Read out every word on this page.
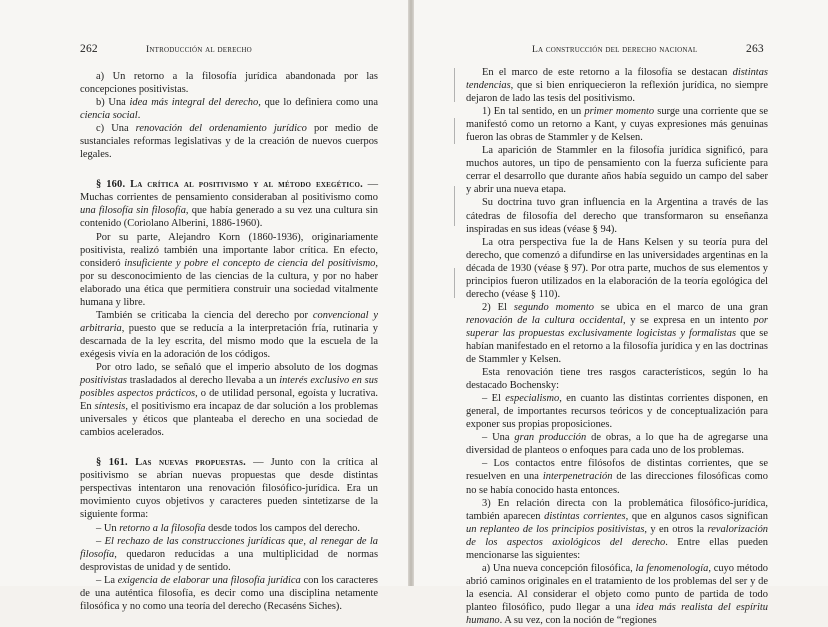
262	Introducción al derecho

a) Un retorno a la filosofía jurídica abandonada por las concepciones positivistas.

b) Una idea más integral del derecho, que lo definiera como una ciencia social.

c) Una renovación del ordenamiento jurídico por medio de sustanciales reformas legislativas y de la creación de nuevos cuerpos legales.

§ 160. La crítica al positivismo y al método exegético. — Muchas corrientes de pensamiento consideraban al positivismo como una filosofía sin filosofía, que había generado a su vez una cultura sin contenido (Coriolano Alberini, 1886-1960).

Por su parte, Alejandro Korn (1860-1936), originariamente positivista, realizó también una importante labor crítica. En efecto, consideró insuficiente y pobre el concepto de ciencia del positivismo, por su desconocimiento de las ciencias de la cultura, y por no haber elaborado una ética que permitiera construir una sociedad vitalmente humana y libre.

También se criticaba la ciencia del derecho por convencional y arbitraria, puesto que se reducía a la interpretación fría, rutinaria y descarnada de la ley escrita, del mismo modo que la escuela de la exégesis vivía en la adoración de los códigos.

Por otro lado, se señaló que el imperio absoluto de los dogmas positivistas trasladados al derecho llevaba a un interés exclusivo en sus posibles aspectos prácticos, o de utilidad personal, egoísta y lucrativa. En síntesis, el positivismo era incapaz de dar solución a los problemas universales y éticos que planteaba el derecho en una sociedad de cambios acelerados.

§ 161. Las nuevas propuestas. — Junto con la crítica al positivismo se abrían nuevas propuestas que desde distintas perspectivas intentaron una renovación filosófico-jurídica. Era un movimiento cuyos objetivos y caracteres pueden sintetizarse de la siguiente forma:

– Un retorno a la filosofía desde todos los campos del derecho.

– El rechazo de las construcciones jurídicas que, al renegar de la filosofía, quedaron reducidas a una multiplicidad de normas desprovistas de unidad y de sentido.

– La exigencia de elaborar una filosofía jurídica con los caracteres de una auténtica filosofía, es decir como una disciplina netamente filosófica y no como una teoría del derecho (Recaséns Siches).

La construcción del derecho nacional	263

En el marco de este retorno a la filosofía se destacan distintas tendencias, que si bien enriquecieron la reflexión jurídica, no siempre dejaron de lado las tesis del positivismo.

1) En tal sentido, en un primer momento surge una corriente que se manifestó como un retorno a Kant, y cuyas expresiones más genuinas fueron las obras de Stammler y de Kelsen.

La aparición de Stammler en la filosofía jurídica significó, para muchos autores, un tipo de pensamiento con la fuerza suficiente para cerrar el desarrollo que durante años había seguido un campo del saber y abrir una nueva etapa.

Su doctrina tuvo gran influencia en la Argentina a través de las cátedras de filosofía del derecho que transformaron su enseñanza inspiradas en sus ideas (véase § 94).

La otra perspectiva fue la de Hans Kelsen y su teoría pura del derecho, que comenzó a difundirse en las universidades argentinas en la década de 1930 (véase § 97). Por otra parte, muchos de sus elementos y principios fueron utilizados en la elaboración de la teoría egológica del derecho (véase § 110).

2) El segundo momento se ubica en el marco de una gran renovación de la cultura occidental, y se expresa en un intento por superar las propuestas exclusivamente logicistas y formalistas que se habían manifestado en el retorno a la filosofía jurídica y en las doctrinas de Stammler y Kelsen.

Esta renovación tiene tres rasgos característicos, según lo ha destacado Bochensky:

– El especialismo, en cuanto las distintas corrientes disponen, en general, de importantes recursos teóricos y de conceptualización para exponer sus propias proposiciones.

– Una gran producción de obras, a lo que ha de agregarse una diversidad de planteos o enfoques para cada uno de los problemas.

– Los contactos entre filósofos de distintas corrientes, que se resuelven en una interpenetración de las direcciones filosóficas como no se había conocido hasta entonces.

3) En relación directa con la problemática filosófico-jurídica, también aparecen distintas corrientes, que en algunos casos significan un replanteo de los principios positivistas, y en otros la revalorización de los aspectos axiológicos del derecho. Entre ellas pueden mencionarse las siguientes:

a) Una nueva concepción filosófica, la fenomenología, cuyo método abrió caminos originales en el tratamiento de los problemas del ser y de la esencia. Al considerar el objeto como punto de partida de todo planteo filosófico, pudo llegar a una idea más realista del espíritu humano. A su vez, con la noción de “regiones
